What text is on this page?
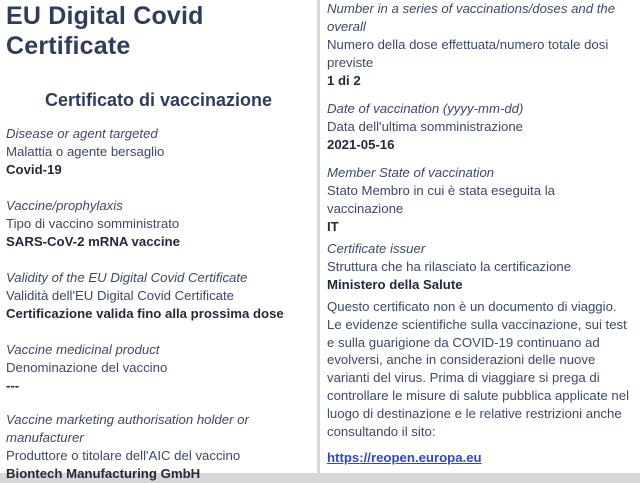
EU Digital Covid
Certificate
Certificato di vaccinazione
Disease or agent targeted
Malattia o agente bersaglio
Covid-19
Vaccine/prophylaxis
Tipo di vaccino somministrato
SARS-CoV-2 mRNA vaccine
Validity of the EU Digital Covid Certificate
Validità dell'EU Digital Covid Certificate
Certificazione valida fino alla prossima dose
Vaccine medicinal product
Denominazione del vaccino
---
Vaccine marketing authorisation holder or manufacturer
Produttore o titolare dell'AIC del vaccino
Biontech Manufacturing GmbH
Number in a series of vaccinations/doses and the overall
Numero della dose effettuata/numero totale dosi previste
1 di 2
Date of vaccination (yyyy-mm-dd)
Data dell'ultima somministrazione
2021-05-16
Member State of vaccination
Stato Membro in cui è stata eseguita la vaccinazione
IT
Certificate issuer
Struttura che ha rilasciato la certificazione
Ministero della Salute
Questo certificato non è un documento di viaggio. Le evidenze scientifiche sulla vaccinazione, sui test e sulla guarigione da COVID-19 continuano ad evolversi, anche in considerazioni delle nuove varianti del virus. Prima di viaggiare si prega di controllare le misure di salute pubblica applicate nel luogo di destinazione e le relative restrizioni anche consultando il sito:
https://reopen.europa.eu
